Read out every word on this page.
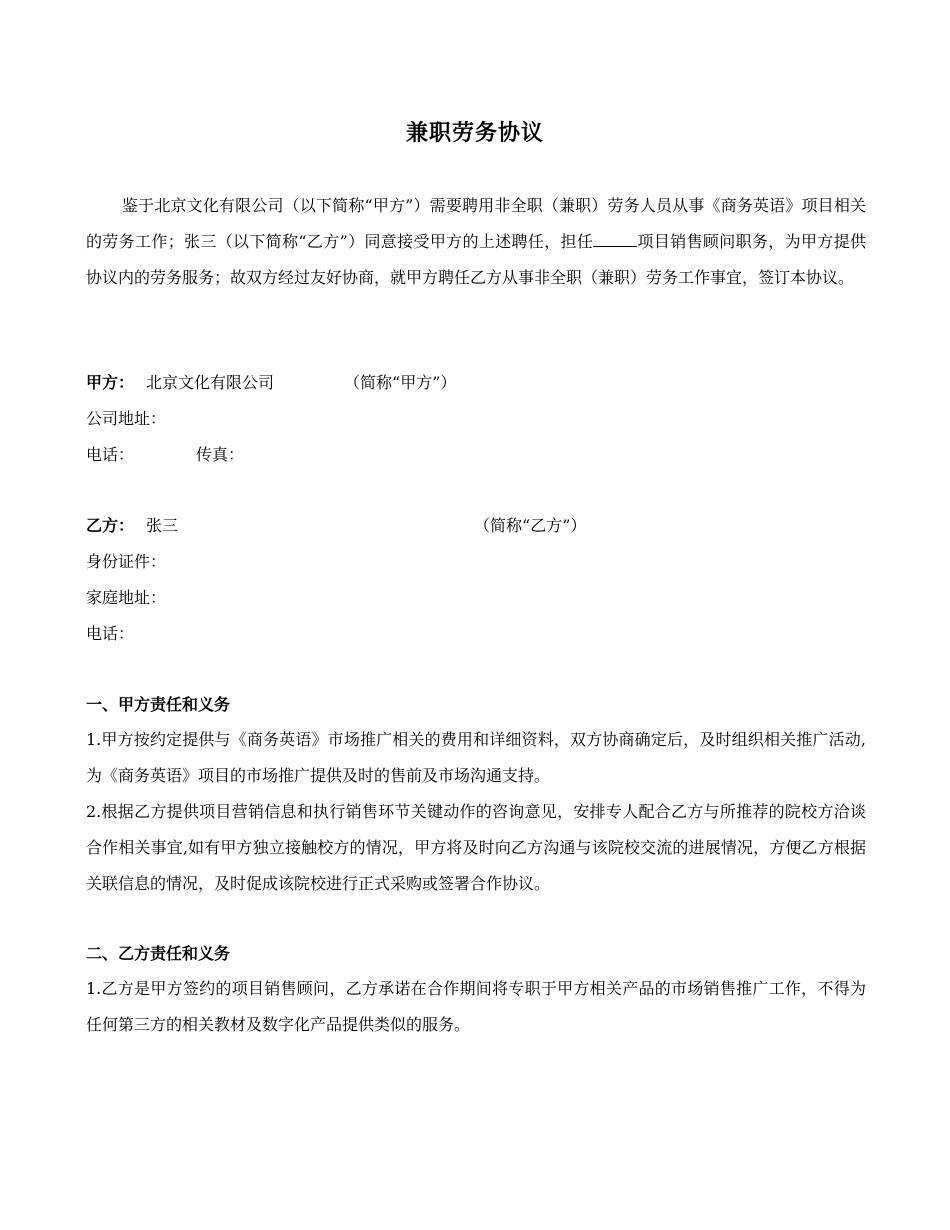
兼职劳务协议

鉴于北京文化有限公司（以下简称“甲方”）需要聘用非全职（兼职）劳务人员从事《商务英语》项目相关的劳务工作；张三（以下简称“乙方”）同意接受甲方的上述聘任，担任	项目销售顾问职务，为甲方提供协议内的劳务服务；故双方经过友好协商，就甲方聘任乙方从事非全职（兼职）劳务工作事宜，签订本协议。

甲方： 北京文化有限公司	（简称“甲方”）
公司地址：
电话：	传真：
乙方： 张三	（简称“乙方”）
身份证件：
家庭地址：
电话：
一、甲方责任和义务

1.甲方按约定提供与《商务英语》市场推广相关的费用和详细资料，双方协商确定后，及时组织相关推广活动,为《商务英语》项目的市场推广提供及时的售前及市场沟通支持。

2.根据乙方提供项目营销信息和执行销售环节关键动作的咨询意见，安排专人配合乙方与所推荐的院校方洽谈合作相关事宜,如有甲方独立接触校方的情况，甲方将及时向乙方沟通与该院校交流的进展情况，方便乙方根据关联信息的情况，及时促成该院校进行正式采购或签署合作协议。

二、乙方责任和义务

1.乙方是甲方签约的项目销售顾问，乙方承诺在合作期间将专职于甲方相关产品的市场销售推广工作，不得为任何第三方的相关教材及数字化产品提供类似的服务。
